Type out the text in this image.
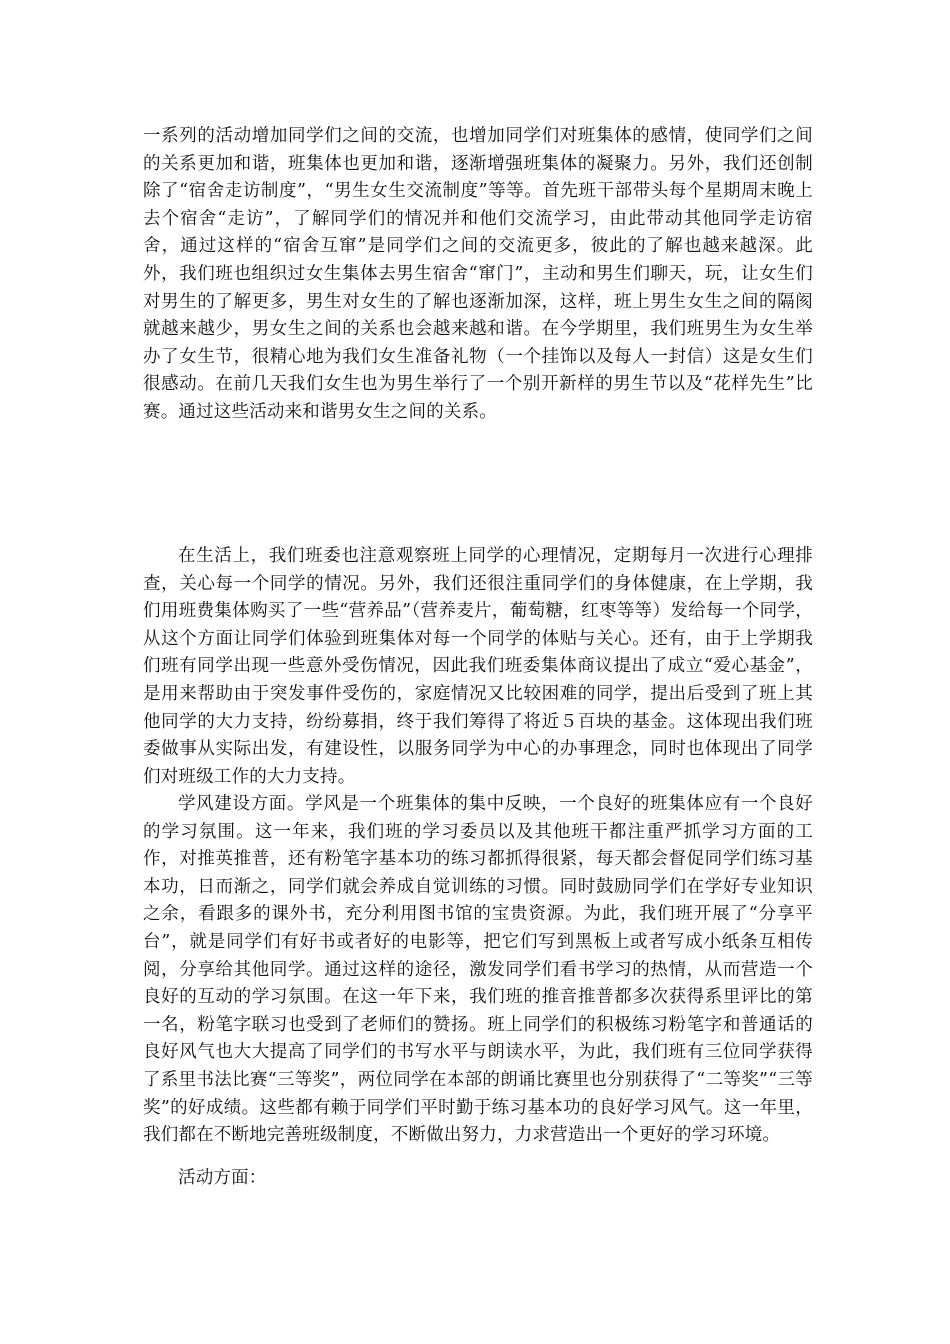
一系列的活动增加同学们之间的交流，也增加同学们对班集体的感情，使同学们之间的关系更加和谐，班集体也更加和谐，逐渐增强班集体的凝聚力。另外，我们还创制除了“宿舍走访制度”，“男生女生交流制度”等等。首先班干部带头每个星期周末晚上去个宿舍“走访”，了解同学们的情况并和他们交流学习，由此带动其他同学走访宿舍，通过这样的“宿舍互窜”是同学们之间的交流更多，彼此的了解也越来越深。此外，我们班也组织过女生集体去男生宿舍“窜门”，主动和男生们聊天，玩，让女生们对男生的了解更多，男生对女生的了解也逐渐加深，这样，班上男生女生之间的隔阂就越来越少，男女生之间的关系也会越来越和谐。在今学期里，我们班男生为女生举办了女生节，很精心地为我们女生准备礼物（一个挂饰以及每人一封信）这是女生们很感动。在前几天我们女生也为男生举行了一个别开新样的男生节以及“花样先生”比赛。通过这些活动来和谐男女生之间的关系。

在生活上，我们班委也注意观察班上同学的心理情况，定期每月一次进行心理排查，关心每一个同学的情况。另外，我们还很注重同学们的身体健康，在上学期，我们用班费集体购买了一些“营养品”（营养麦片，葡萄糖，红枣等等）发给每一个同学，从这个方面让同学们体验到班集体对每一个同学的体贴与关心。还有，由于上学期我们班有同学出现一些意外受伤情况，因此我们班委集体商议提出了成立“爱心基金”，是用来帮助由于突发事件受伤的，家庭情况又比较困难的同学，提出后受到了班上其他同学的大力支持，纷纷募捐，终于我们筹得了将近５百块的基金。这体现出我们班委做事从实际出发，有建设性，以服务同学为中心的办事理念，同时也体现出了同学们对班级工作的大力支持。

学风建设方面。学风是一个班集体的集中反映，一个良好的班集体应有一个良好的学习氛围。这一年来，我们班的学习委员以及其他班干都注重严抓学习方面的工作，对推英推普，还有粉笔字基本功的练习都抓得很紧，每天都会督促同学们练习基本功，日而渐之，同学们就会养成自觉训练的习惯。同时鼓励同学们在学好专业知识之余，看跟多的课外书，充分利用图书馆的宝贵资源。为此，我们班开展了“分享平台”，就是同学们有好书或者好的电影等，把它们写到黑板上或者写成小纸条互相传阅，分享给其他同学。通过这样的途径，激发同学们看书学习的热情，从而营造一个良好的互动的学习氛围。在这一年下来，我们班的推音推普都多次获得系里评比的第一名，粉笔字联习也受到了老师们的赞扬。班上同学们的积极练习粉笔字和普通话的良好风气也大大提高了同学们的书写水平与朗读水平，为此，我们班有三位同学获得了系里书法比赛“三等奖”，两位同学在本部的朗诵比赛里也分别获得了“二等奖”“三等奖”的好成绩。这些都有赖于同学们平时勤于练习基本功的良好学习风气。这一年里，我们都在不断地完善班级制度，不断做出努力，力求营造出一个更好的学习环境。

活动方面：
